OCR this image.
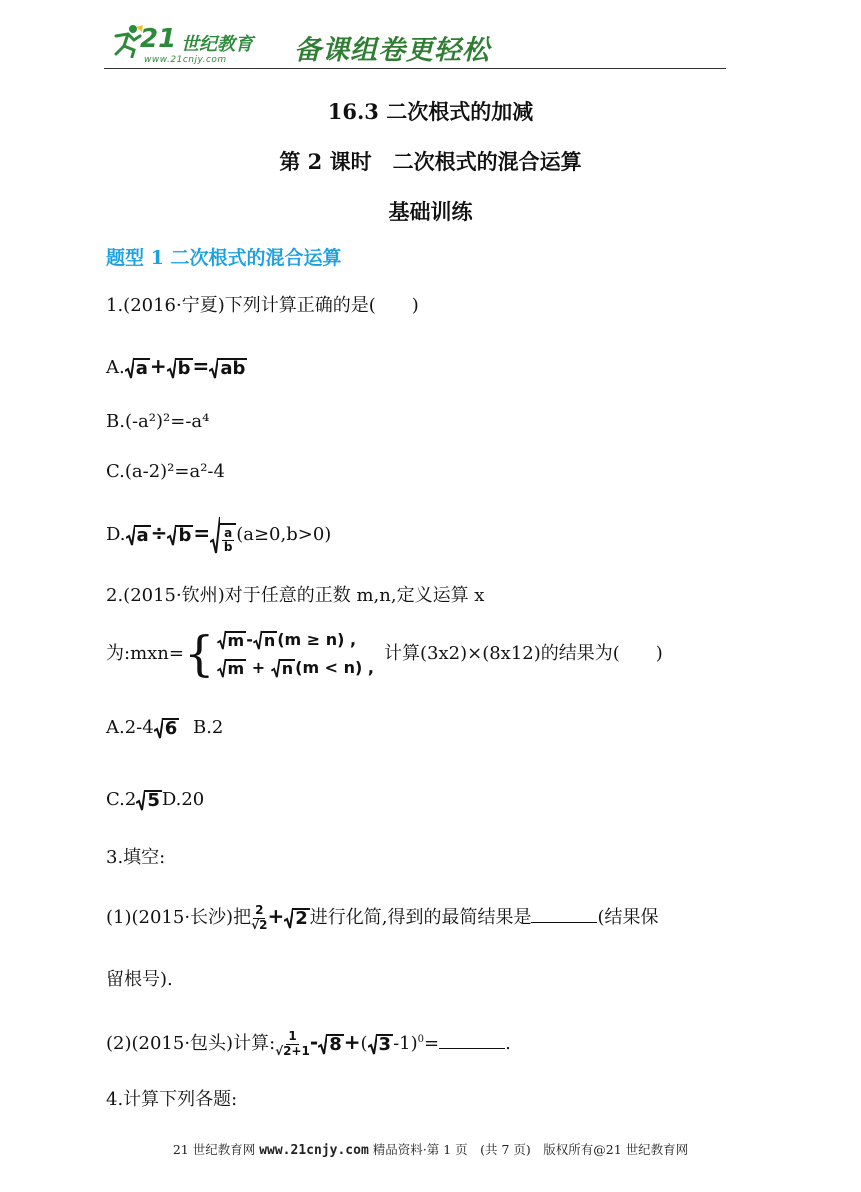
21 世纪教育
www.21cnjy.com 备课组卷更轻松
16.3 二次根式的加减
第 2 课时　二次根式的混合运算
基础训练
题型 1 二次根式的混合运算
1.(2016·宁夏)下列计算正确的是(　　)
A. a + b = ab
B.(-a²)²=-a⁴
C.(a-2)²=a²-4
D. $a \div b = \frac{a}{b} (a\ge 0,b>0)$
2.(2015·钦州)对于任意的正数 m,n,定义运算 x
为:mxn= { m - n (m ≥ n) ,
m + n (m < n) ,
计算(3x2)×(8x12)的结果为(　　)
A.2-4 6 B.2
C.2 5 D.20
3.填空:
(1)(2015·长沙)把 $\frac{2}{√2} + 2$ 进行化简,得到的最简结果是	(结果保
留根号).
(2)(2015·包头)计算: $\frac{1}{√2+1} - 8$ +( 3 -1)$^0$=	.
4.计算下列各题:
21 世纪教育网 www.21cnjy.com 精品资料·第 1 页　(共 7 页)　版权所有@21 世纪教育网
